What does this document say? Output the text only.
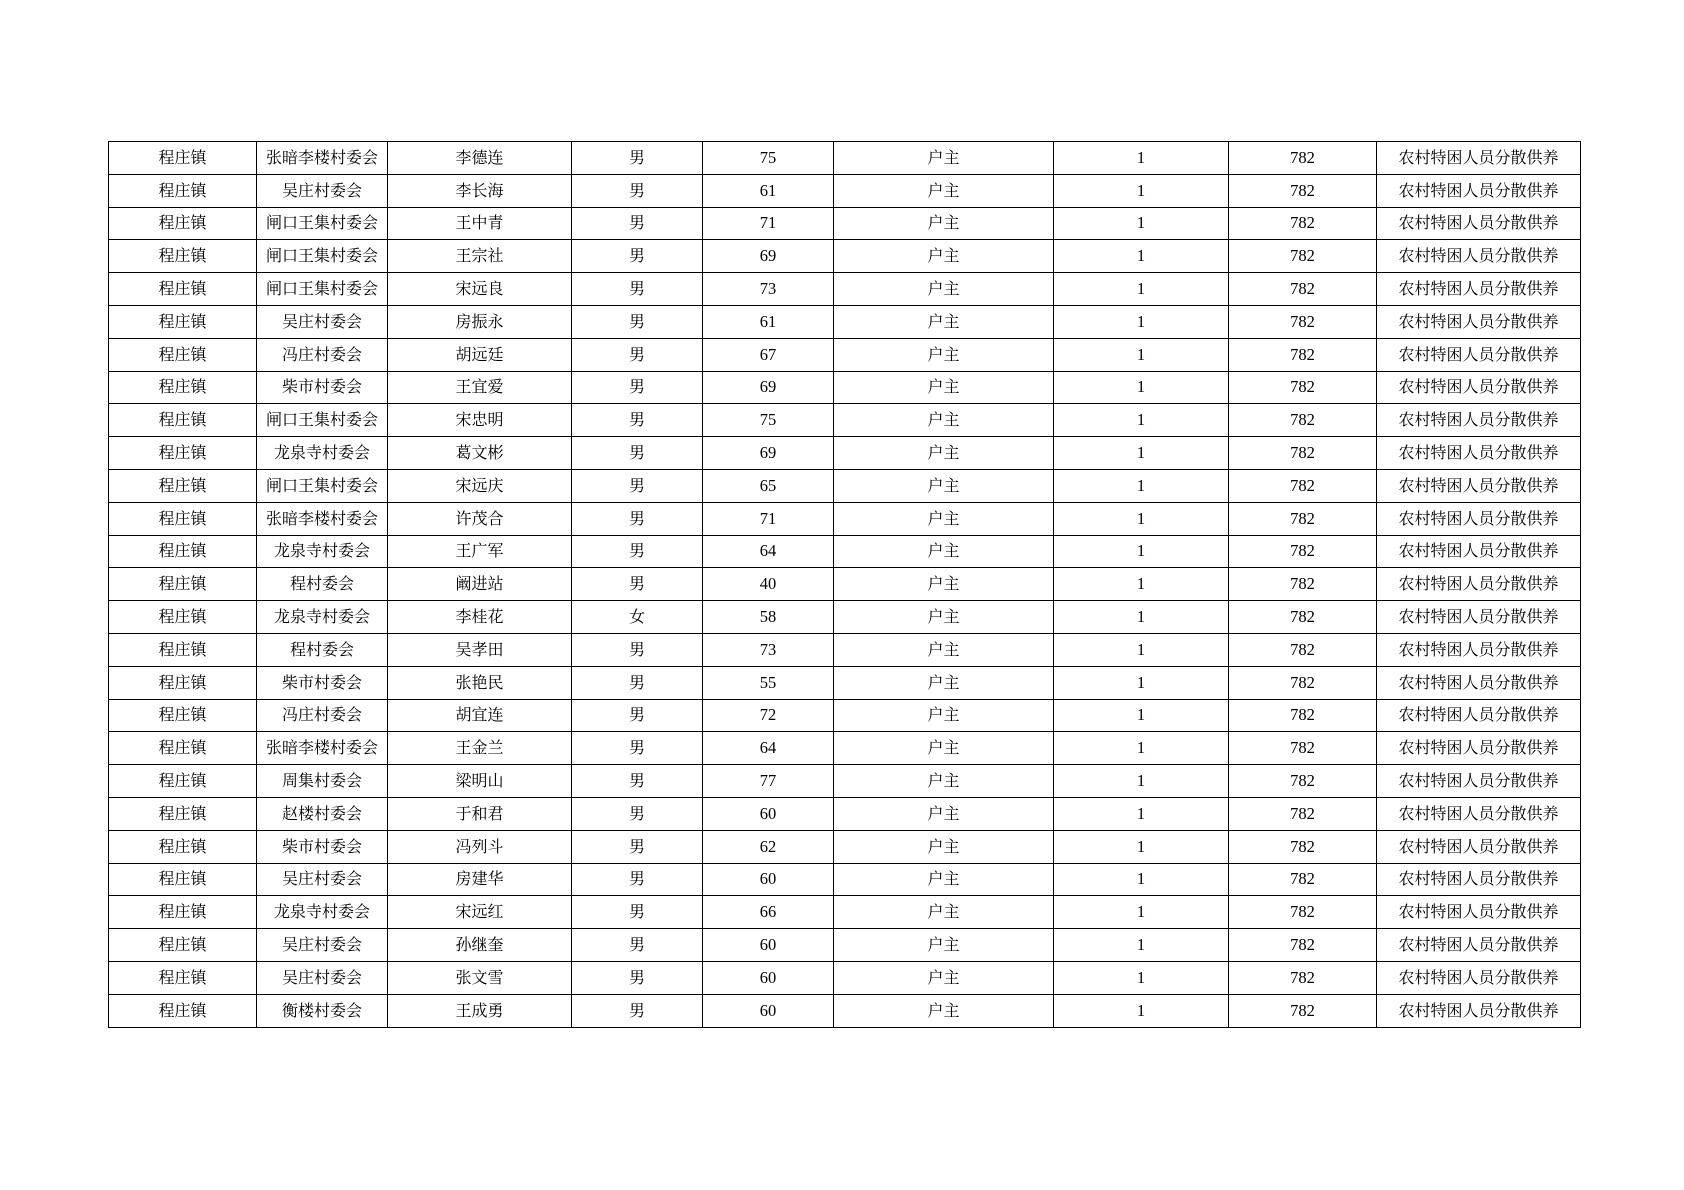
程庄镇	张暗李楼村委会	李德连	男	75	户主	1	782	农村特困人员分散供养
程庄镇	吴庄村委会	李长海	男	61	户主	1	782	农村特困人员分散供养
程庄镇	闸口王集村委会	王中青	男	71	户主	1	782	农村特困人员分散供养
程庄镇	闸口王集村委会	王宗社	男	69	户主	1	782	农村特困人员分散供养
程庄镇	闸口王集村委会	宋远良	男	73	户主	1	782	农村特困人员分散供养
程庄镇	吴庄村委会	房振永	男	61	户主	1	782	农村特困人员分散供养
程庄镇	冯庄村委会	胡远廷	男	67	户主	1	782	农村特困人员分散供养
程庄镇	柴市村委会	王宜爱	男	69	户主	1	782	农村特困人员分散供养
程庄镇	闸口王集村委会	宋忠明	男	75	户主	1	782	农村特困人员分散供养
程庄镇	龙泉寺村委会	葛文彬	男	69	户主	1	782	农村特困人员分散供养
程庄镇	闸口王集村委会	宋远庆	男	65	户主	1	782	农村特困人员分散供养
程庄镇	张暗李楼村委会	许茂合	男	71	户主	1	782	农村特困人员分散供养
程庄镇	龙泉寺村委会	王广军	男	64	户主	1	782	农村特困人员分散供养
程庄镇	程村委会	阚进站	男	40	户主	1	782	农村特困人员分散供养
程庄镇	龙泉寺村委会	李桂花	女	58	户主	1	782	农村特困人员分散供养
程庄镇	程村委会	吴孝田	男	73	户主	1	782	农村特困人员分散供养
程庄镇	柴市村委会	张艳民	男	55	户主	1	782	农村特困人员分散供养
程庄镇	冯庄村委会	胡宜连	男	72	户主	1	782	农村特困人员分散供养
程庄镇	张暗李楼村委会	王金兰	男	64	户主	1	782	农村特困人员分散供养
程庄镇	周集村委会	梁明山	男	77	户主	1	782	农村特困人员分散供养
程庄镇	赵楼村委会	于和君	男	60	户主	1	782	农村特困人员分散供养
程庄镇	柴市村委会	冯列斗	男	62	户主	1	782	农村特困人员分散供养
程庄镇	吴庄村委会	房建华	男	60	户主	1	782	农村特困人员分散供养
程庄镇	龙泉寺村委会	宋远红	男	66	户主	1	782	农村特困人员分散供养
程庄镇	吴庄村委会	孙继奎	男	60	户主	1	782	农村特困人员分散供养
程庄镇	吴庄村委会	张文雪	男	60	户主	1	782	农村特困人员分散供养
程庄镇	衡楼村委会	王成勇	男	60	户主	1	782	农村特困人员分散供养
